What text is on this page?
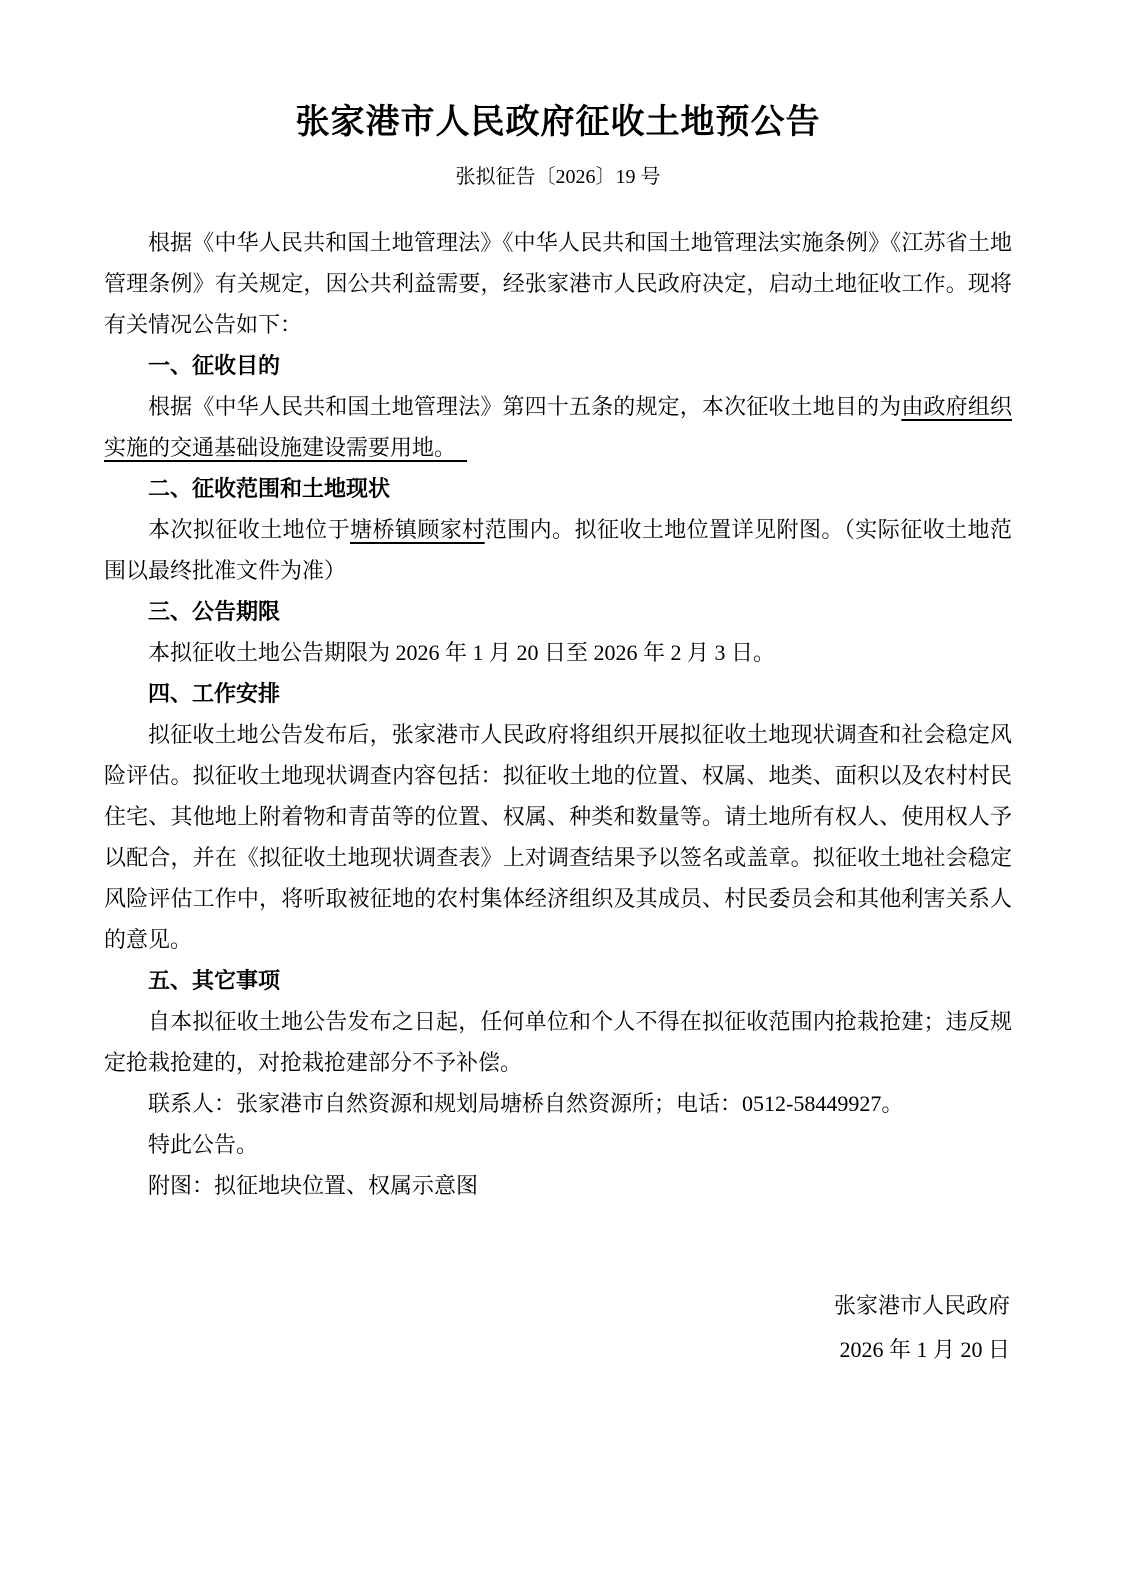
张家港市人民政府征收土地预公告

张拟征告〔2026〕19 号

根据《中华人民共和国土地管理法》《中华人民共和国土地管理法实施条例》《江苏省土地管理条例》有关规定，因公共利益需要，经张家港市人民政府决定，启动土地征收工作。现将有关情况公告如下：

一、征收目的

根据《中华人民共和国土地管理法》第四十五条的规定，本次征收土地目的为由政府组织实施的交通基础设施建设需要用地。　

二、征收范围和土地现状

本次拟征收土地位于塘桥镇顾家村范围内。拟征收土地位置详见附图。（实际征收土地范围以最终批准文件为准）

三、公告期限

本拟征收土地公告期限为 2026 年 1 月 20 日至 2026 年 2 月 3 日。

四、工作安排

拟征收土地公告发布后，张家港市人民政府将组织开展拟征收土地现状调查和社会稳定风险评估。拟征收土地现状调查内容包括：拟征收土地的位置、权属、地类、面积以及农村村民住宅、其他地上附着物和青苗等的位置、权属、种类和数量等。请土地所有权人、使用权人予以配合，并在《拟征收土地现状调查表》上对调查结果予以签名或盖章。拟征收土地社会稳定风险评估工作中，将听取被征地的农村集体经济组织及其成员、村民委员会和其他利害关系人的意见。

五、其它事项

自本拟征收土地公告发布之日起，任何单位和个人不得在拟征收范围内抢栽抢建；违反规定抢栽抢建的，对抢栽抢建部分不予补偿。

联系人：张家港市自然资源和规划局塘桥自然资源所；电话：0512-58449927。

特此公告。

附图：拟征地块位置、权属示意图

张家港市人民政府
2026 年 1 月 20 日
